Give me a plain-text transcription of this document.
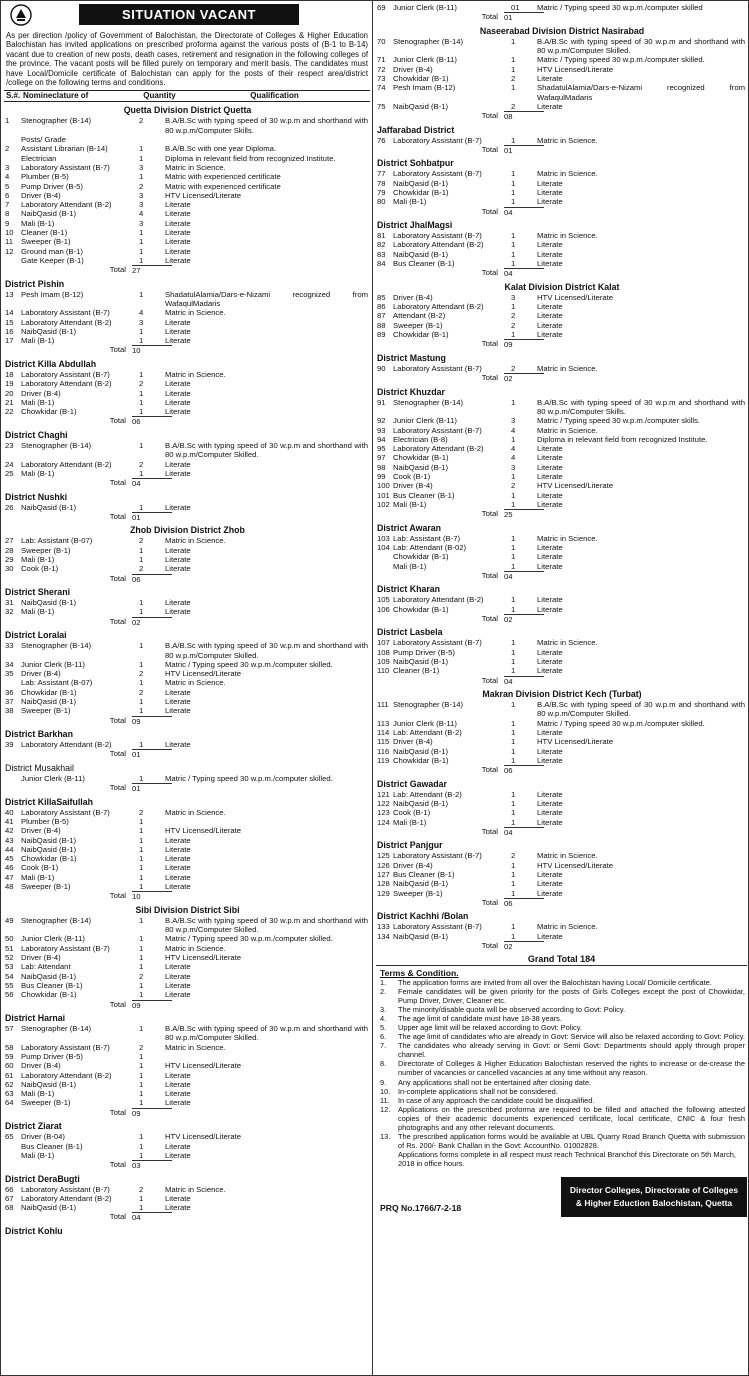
SITUATION VACANT
As per direction /policy of Government of Balochistan, the Directorate of Colleges & Higher Education Balochistan has invited applications on prescribed proforma against the various posts of (B-1 to B-14) vacant due to creation of new posts, death cases, retirement and resignation in the following colleges of the province. The vacant posts will be filled purely on temporary and merit basis. The candidates must have Local/Domicile certificate of Balochistan can apply for the posts of their respect area/district /college on the following terms and conditions.
S.#. Nomineclature of	Quantity	Qualification
Quetta Division District Quetta
1	Stenographer (B-14)	2	B.A/B.Sc with typing speed of 30 w.p.m and shorthand with 80 w.p.m/Computer Skills.
Posts/ Grade
2	Assistant Librarian (B-14)	1	B.A/B.Sc with one year Diploma.
Electrician	1	Diploma in relevant field from recognized Institute.
3	Laboratory Assistant (B-7)	3	Matric in Science.
4	Plumber (B-5)	1	Matric with experienced certificate
5	Pump Driver (B-5)	2	Matric with experienced certificate
6	Driver (B-4)	3	HTV Licensed/Literate
7	Laboratory Attendant (B-2)	3	Literate
8	NaibQasid (B-1)	4	Literate
9	Mali (B-1)	3	Literate
10 Cleaner (B-1)	1	Literate
11	Sweeper (B-1)	1	Literate
12 Ground man (B-1)	1	Literate
Gate Keeper (B-1)	1	Literate
Total 27
District Pishin
13 Pesh Imam (B-12)	1	ShadatulAlamia/Dars-e-Nizami recognized from WafaqulMadaris
14 Laboratory Assistant (B-7)	4	Matric in Science.
15 Laboratory Attendant (B-2)	3	Literate
16 NaibQasid (B-1)	1	Literate
17 Mali (B-1)	1	Literate
Total 10
District Killa Abdullah
18 Laboratory Assistant (B-7)	1	Matric in Science.
19 Laboratory Attendant (B-2)	2	Literate
20 Driver (B-4)	1	Literate
21 Mali (B-1)	1	Literate
22 Chowkidar (B-1)	1	Literate
Total 06
District Chaghi
23 Stenographer (B-14)	1	B.A/B.Sc with typing speed of 30 w.p.m and shorthand with 80 w.p.m/Computer Skilled.
24 Laboratory Attendant (B-2)	2	Literate
25 Mali (B-1)	1	Literate
Total 04
District Nushki
26 NaibQasid (B-1)	1	Literate
Total 01
Zhob Division District Zhob
27 Lab: Assistant (B-07)	2	Matric in Science.
28 Sweeper (B-1)	1	Literate
29 Mali (B-1)	1	Literate
30 Cook (B-1)	2	Literate
Total 06
District Sherani
31 NaibQasid (B-1)	1	Literate
32 Mali (B-1)	1	Literate
Total 02
District Loralai
33 Stenographer (B-14)	1	B.A/B.Sc with typing speed of 30 w.p.m and shorthand with 80 w.p.m/Computer Skilled.
34 Junior Clerk (B-11)	1	Matric / Typing speed 30 w.p.m./computer skilled.
35 Driver (B-4)	2	HTV Licensed/Literate
Lab: Assistant (B-07)	1	Matric in Science.
36 Chowkidar (B-1)	2	Literate
37 NaibQasid (B-1)	1	Literate
38 Sweeper (B-1)	1	Literate
Total 09
District Barkhan
39 Laboratory Attendant (B-2)	1	Literate
Total 01
District Musakhail
Junior Clerk (B-11)	1	Matric / Typing speed 30 w.p.m./computer skilled.
Total 01
District KillaSaifullah
40 Laboratory Assistant (B-7)	2	Matric in Science.
41 Plumber (B-5)	1
42 Driver (B-4)	1	HTV Licensed/Literate
43 NaibQasid (B-1)	1	Literate
44 NaibQasid (B-1)	1	Literate
45 Chowkidar (B-1)	1	Literate
46 Cook (B-1)	1	Literate
47 Mali (B-1)	1	Literate
48 Sweeper (B-1)	1	Literate
Total 10
Sibi Division District Sibi
49 Stenographer (B-14)	1	B.A/B.Sc with typing speed of 30 w.p.m and shorthand with 80 w.p.m/Computer Skilled.
50 Junior Clerk (B-11)	1	Matric / Typing speed 30 w.p.m./computer skilled.
51 Laboratory Assistant (B-7)	1	Matric in Science.
52 Driver (B-4)	1	HTV Licensed/Literate
53 Lab: Attendant	1	Literate
54 NaibQasid (B-1)	2	Literate
55 Bus Cleaner (B-1)	1	Literate
56 Chowkidar (B-1)	1	Literate
Total 09
District Harnai
57 Stenographer (B-14)	1	B.A/B.Sc with typing speed of 30 w.p.m and shorthand with 80 w.p.m/Computer Skilled.
58 Laboratory Assistant (B-7)	2	Matric in Science.
59 Pump Driver (B-5)	1
60 Driver (B-4)	1	HTV Licensed/Literate
61 Laboratory Attendant (B-2)	1	Literate
62 NaibQasid (B-1)	1	Literate
63 Mali (B-1)	1	Literate
64 Sweeper (B-1)	1	Literate
Total 09
District Ziarat
65 Driver (B-04)	1	HTV Licensed/Literate
Bus Cleaner (B-1)	1	Literate
Mali (B-1)	1	Literate
Total 03
District DeraBugti
66 Laboratory Assistant (B-7)	2	Matric in Science.
67 Laboratory Attendant (B-2)	1	Literate
68 NaibQasid (B-1)	1	Literate
Total 04
District Kohlu
69 Junior Clerk (B-11)	01	Matric / Typing speed 30 w.p.m./computer skilled
Total 01
Naseerabad Division District Nasirabad
70 Stenographer (B-14)	1	B.A/B.Sc with typing speed of 30 w.p.m and shorthand with 80 w.p.m/Computer Skilled.
71 Junior Clerk (B-11)	1	Matric / Typing speed 30 w.p.m./computer skilled.
72 Driver (B-4)	1	HTV Licensed/Literate
73 Chowkidar (B-1)	2	Literate
74 Pesh Imam (B-12)	1	ShadatulAlamia/Dars-e-Nizami recognized from WafaqulMadaris
75 NaibQasid (B-1)	2	Literate
Total 08
Jaffarabad District
76 Laboratory Assistant (B-7)	1	Matric in Science.
Total 01
District Sohbatpur
77 Laboratory Assistant (B-7)	1	Matric in Science.
78 NaibQasid (B-1)	1	Literate
79 Chowkidar (B-1)	1	Literate
80 Mali (B-1)	1	Literate
Total 04
District JhalMagsi
81 Laboratory Assistant (B-7)	1	Matric in Science.
82 Laboratory Attendant (B-2)	1	Literate
83 NaibQasid (B-1)	1	Literate
84 Bus Cleaner (B-1)	1	Literate
Total 04
Kalat Division District Kalat
85 Driver (B-4)	3	HTV Licensed/Literate
86 Laboratory Attendant (B-2)	1	Literate
87 Attendant (B-2)	2	Literate
88 Sweeper (B-1)	2	Literate
89 Chowkidar (B-1)	1	Literate
Total 09
District Mastung
90 Laboratory Assistant (B-7)	2	Matric in Science.
Total 02
District Khuzdar
91 Stenographer (B-14)	1	B.A/B.Sc with typing speed of 30 w.p.m and shorthand with 80 w.p.m/Computer Skills.
92 Junior Clerk (B-11)	3	Matric / Typing speed 30 w.p.m./computer skills.
93 Laboratory Assistant (B-7)	4	Matric in Science.
94 Electrician (B-8)	1	Diploma in relevant field from recognized Institute.
95 Laboratory Attendant (B-2)	4	Literate
97 Chowkidar (B-1)	4	Literate
98 NaibQasid (B-1)	3	Literate
99 Cook (B-1)	1	Literate
100 Driver (B-4)	2	HTV Licensed/Literate
101 Bus Cleaner (B-1)	1	Literate
102 Mali (B-1)	1	Literate
Total 25
District Awaran
103 Lab: Assistant (B-7)	1	Matric in Science.
104 Lab: Attendant (B-02)	1	Literate
Chowkidar (B-1)	1	Literate
Mali (B-1)	1	Literate
Total 04
District Kharan
105 Laboratory Attendant (B-2)	1	Literate
106 Chowkidar (B-1)	1	Literate
Total 02
District Lasbela
107 Laboratory Assistant (B-7)	1	Matric in Science.
108 Pump Driver (B-5)	1	Literate
109 NaibQasid (B-1)	1	Literate
110 Cleaner (B-1)	1	Literate
Total 04
Makran Division District Kech (Turbat)
111 Stenographer (B-14)	1	B.A/B.Sc with typing speed of 30 w.p.m and shorthand with 80 w.p.m/Computer Skilled.
113 Junior Clerk (B-11)	1	Matric / Typing speed 30 w.p.m./computer skilled.
114 Lab: Attendant (B-2)	1	Literate
115 Driver (B-4)	1	HTV Licensed/Literate
116 NaibQasid (B-1)	1	Literate
119 Chowkidar (B-1)	1	Literate
Total 06
District Gawadar
121 Lab: Attendant (B-2)	1	Literate
122 NaibQasid (B-1)	1	Literate
123 Cook (B-1)	1	Literate
124 Mali (B-1)	1	Literate
Total 04
District Panjgur
125 Laboratory Assistant (B-7)	2	Matric in Science.
126 Driver (B-4)	1	HTV Licensed/Literate
127 Bus Cleaner (B-1)	1	Literate
128 NaibQasid (B-1)	1	Literate
129 Sweeper (B-1)	1	Literate
Total 06
District Kachhi /Bolan
133 Laboratory Assistant (B-7)	1	Matric in Science.
134 NaibQasid (B-1)	1	Literate
Total 02
Grand Total 184
Terms & Condition.
1.	The application forms are invited from all over the Balochistan having Local/ Domicile certificate.
2.	Female candidates will be given priority for the posts of Girls Colleges except the post of Chowkidar, Pump Driver, Driver, Cleaner etc.
3.	The minority/disable quota will be observed according to Govt: Policy.
4.	The age limit of candidate must have 18-38 years.
5.	Upper age limit will be relaxed according to Govt: Policy.
6.	The age limit of candidates who are already in Govt: Service will also be relaxed according to Govt: Policy.
7.	The candidates who already serving in Govt: or Semi Govt: Departments should apply through proper channel.
8.	Directorate of Colleges & Higher Education Balochistan reserved the rights to increase or de-crease the number of vacancies or cancelled vacancies at any time without any reason.
9.	Any applications shall not be entertained after closing date.
10.	In-complete applications shall not be considered.
11.	In case of any approach the candidate could be disqualified.
12.	Applications on the prescribed proforma are required to be filled and attached the following attested copies of their academic documents experienced certificate, local certificate, CNIC & four fresh photographs and any other relevant documents.
13.	The prescribed application forms would be available at UBL Quarry Road Branch Quetta with submission of Rs. 200/- Bank Challan in the Govt: AccountNo. 01002828.
Applications forms complete in all respect must reach Technical Branchof this Directorate on 5th March, 2018 in office hours.
PRQ No.1766/7-2-18
Director Colleges, Directorate of Colleges
& Higher Eduction Balochistan, Quetta
